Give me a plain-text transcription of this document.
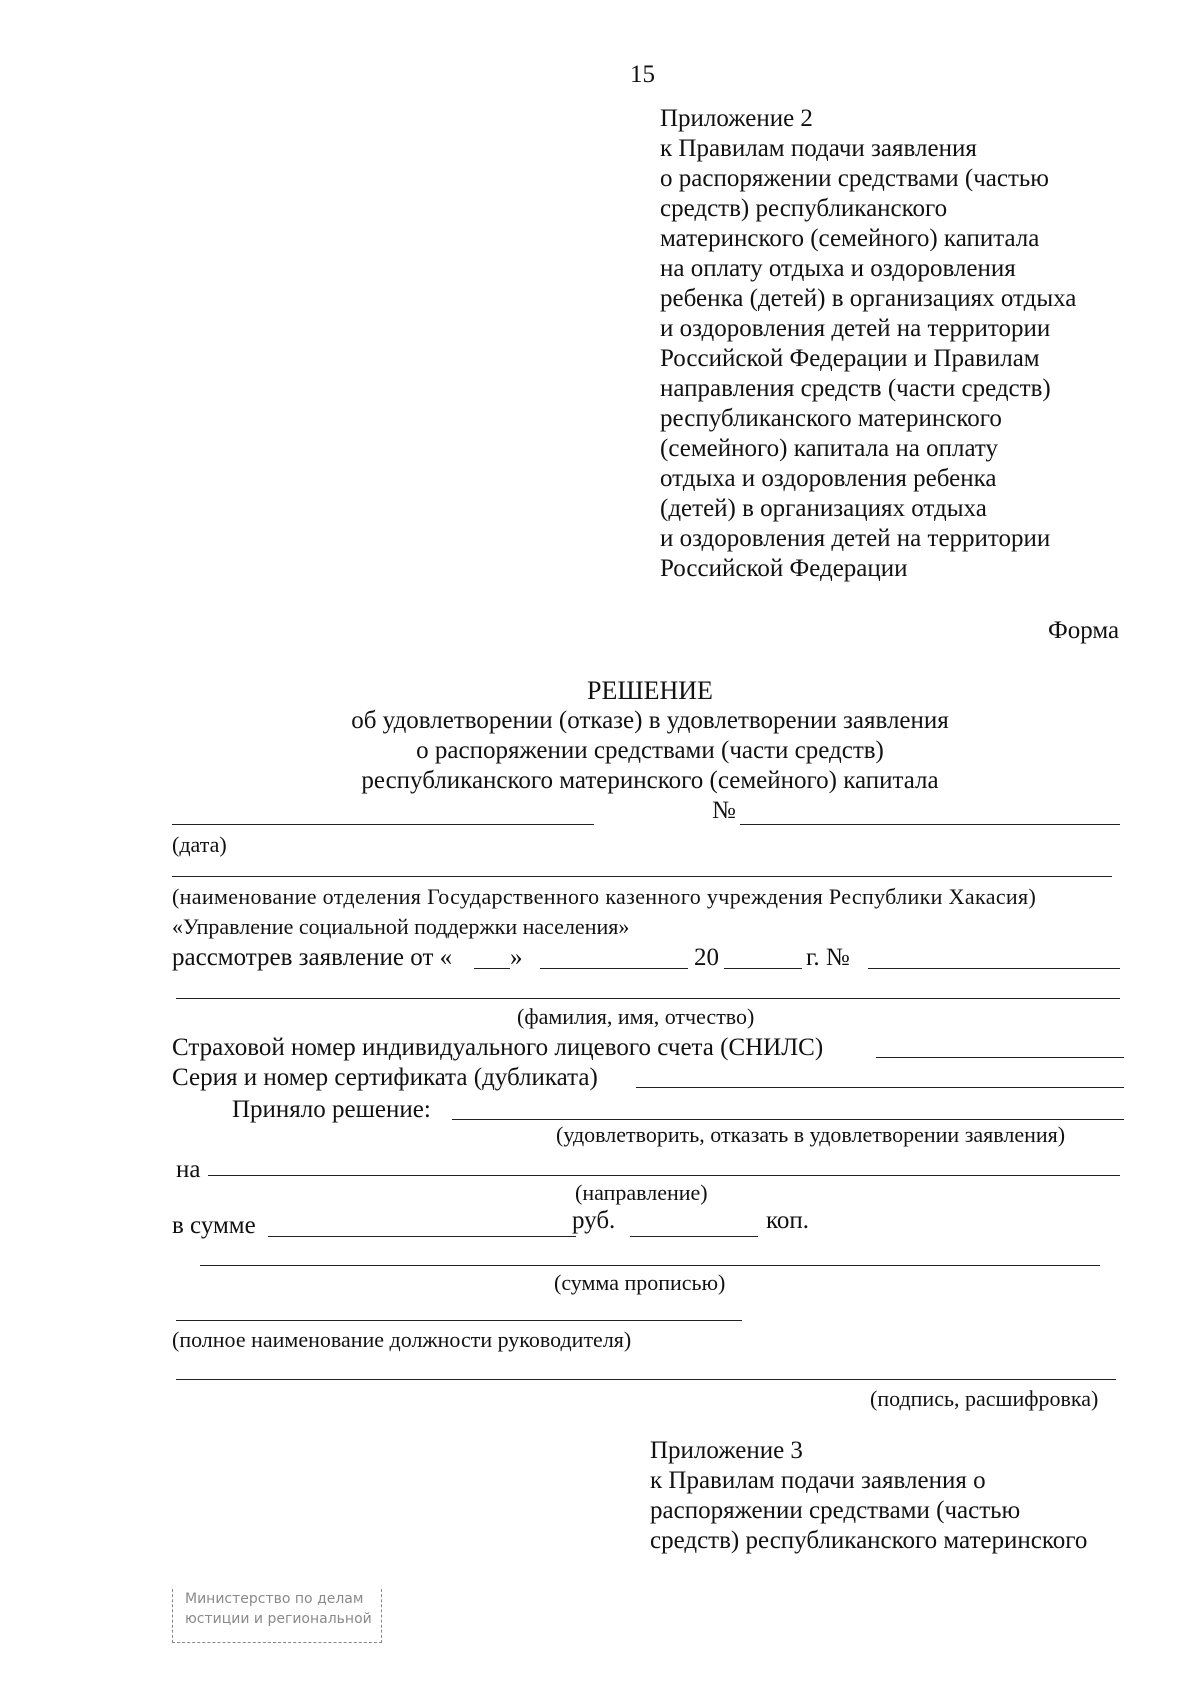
15
Приложение 2
к Правилам подачи заявления
о распоряжении средствами (частью
средств) республиканского
материнского (семейного) капитала
на оплату отдыха и оздоровления
ребенка (детей) в организациях отдыха
и оздоровления детей на территории
Российской Федерации и Правилам
направления средств (части средств)
республиканского материнского
(семейного) капитала на оплату
отдыха и оздоровления ребенка
(детей) в организациях отдыха
и оздоровления детей на территории
Российской Федерации
Форма
РЕШЕНИЕ
об удовлетворении (отказе) в удовлетворении заявления
о распоряжении средствами (части средств)
республиканского материнского (семейного) капитала
№
(дата)
(наименование отделения Государственного казенного учреждения Республики Хакасия)
«Управление социальной поддержки населения»
рассмотрев заявление от « »	20	г. №
(фамилия, имя, отчество)
Страховой номер индивидуального лицевого счета (СНИЛС)
Серия и номер сертификата (дубликата)
Приняло решение:
(удовлетворить, отказать в удовлетворении заявления)
на
(направление)
в сумме	руб.	коп.
(сумма прописью)
(полное наименование должности руководителя)
(подпись, расшифровка)
Приложение 3
к Правилам подачи заявления о
распоряжении средствами (частью
средств) республиканского материнского
Министерство по делам
юстиции и региональной
